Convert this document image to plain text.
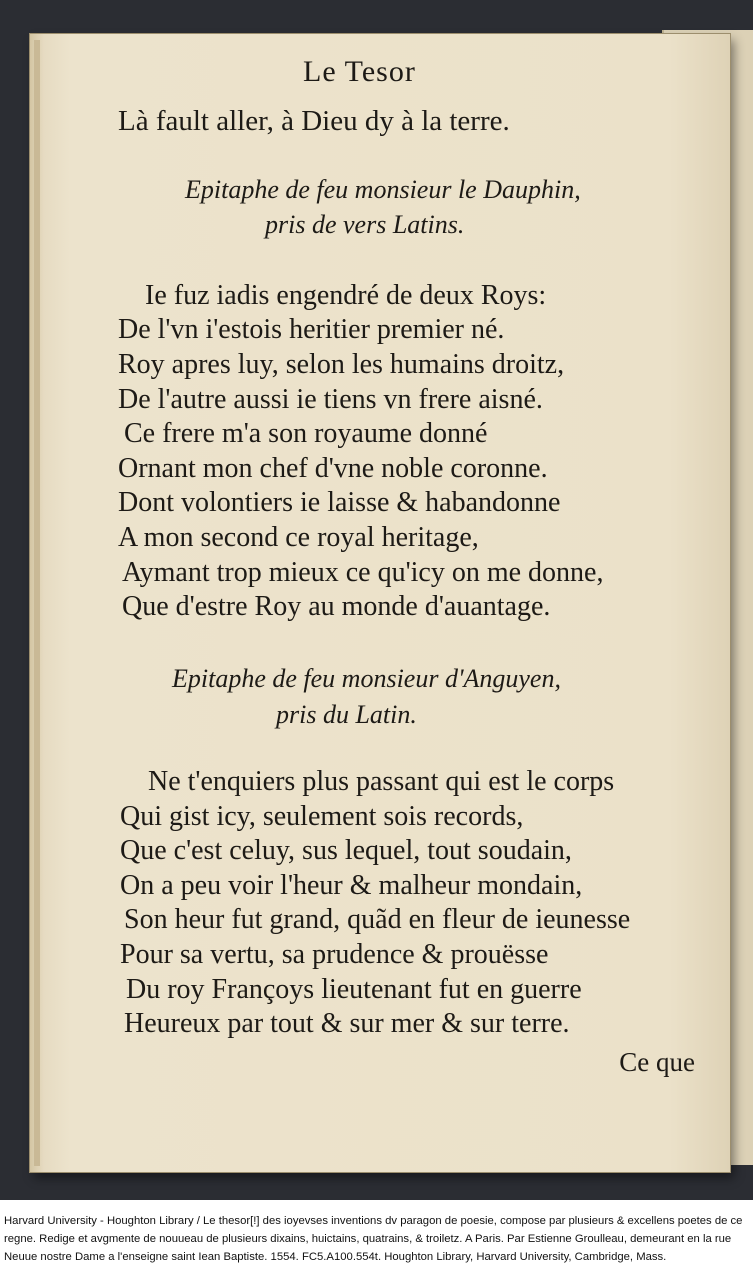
Le Tesor
Là fault aller, à Dieu dy à la terre.
Epitaphe de feu monsieur le Dauphin,
pris de vers Latins.
Ie fuz iadis engendré de deux Roys:
De l'vn i'estois heritier premier né.
Roy apres luy, selon les humains droitz,
De l'autre aussi ie tiens vn frere aisné.
Ce frere m'a son royaume donné
Ornant mon chef d'vne noble coronne.
Dont volontiers ie laisse & habandonne
A mon second ce royal heritage,
Aymant trop mieux ce qu'icy on me donne,
Que d'estre Roy au monde d'auantage.
Epitaphe de feu monsieur d'Anguyen,
pris du Latin.
Ne t'enquiers plus passant qui est le corps
Qui gist icy, seulement sois records,
Que c'est celuy, sus lequel, tout soudain,
On a peu voir l'heur & malheur mondain,
Son heur fut grand, quãd en fleur de ieunesse
Pour sa vertu, sa prudence & prouësse
Du roy Françoys lieutenant fut en guerre
Heureux par tout & sur mer & sur terre.
Ce que
Harvard University - Houghton Library / Le thesor[!] des ioyevses inventions dv paragon de poesie, compose par plusieurs & excellens poetes de ce regne. Redige et avgmente de nouueau de plusieurs dixains, huictains, quatrains, & troiletz. A Paris. Par Estienne Groulleau, demeurant en la rue Neuue nostre Dame a l'enseigne saint Iean Baptiste. 1554. FC5.A100.554t. Houghton Library, Harvard University, Cambridge, Mass.
